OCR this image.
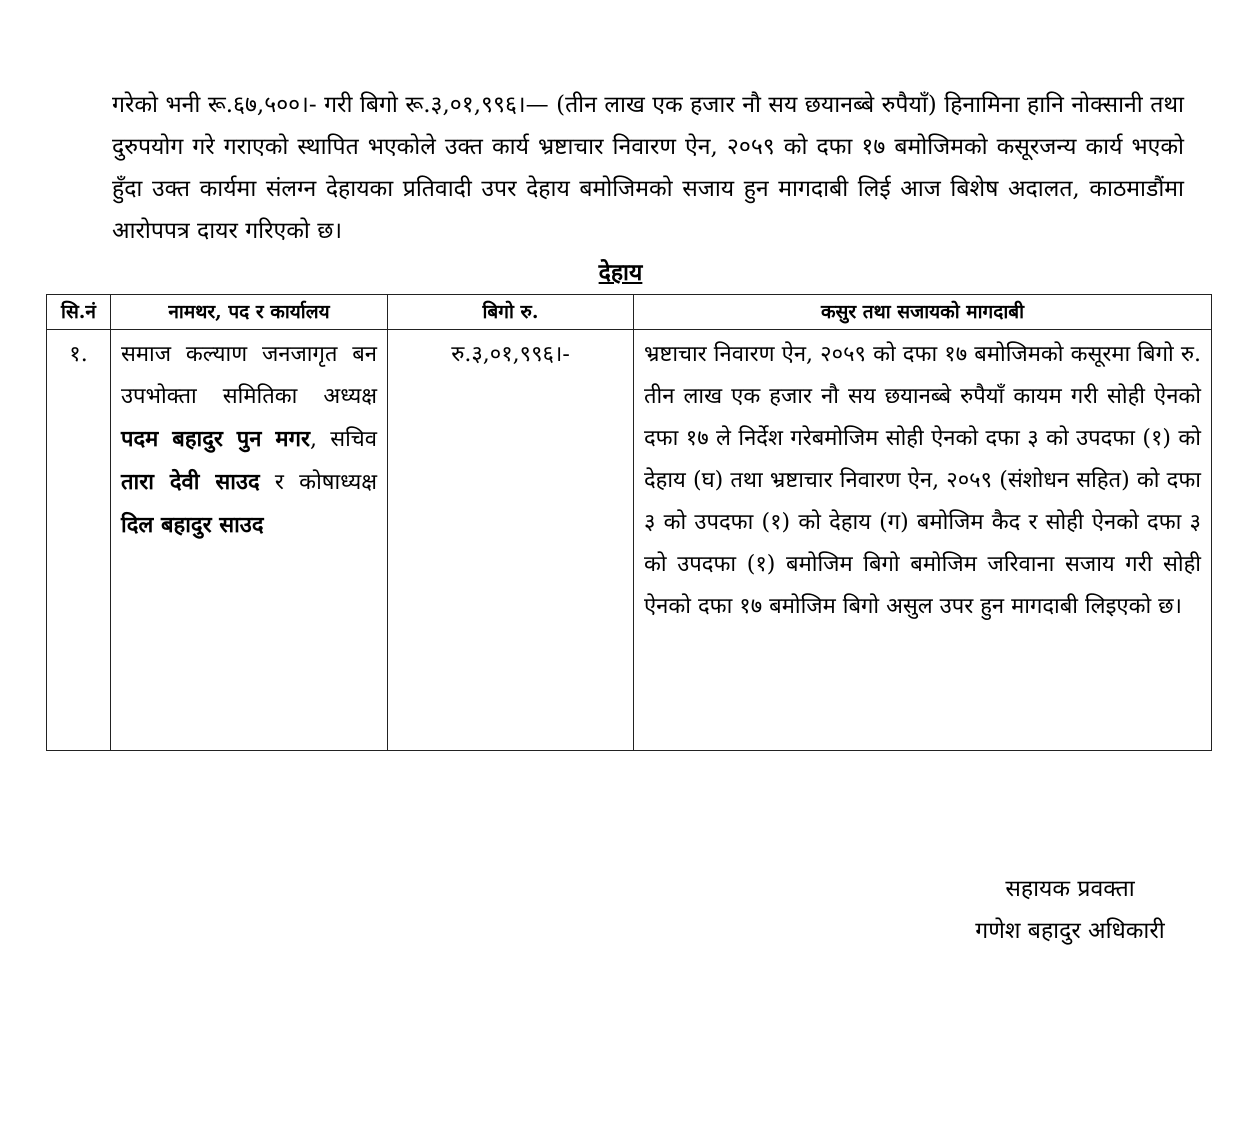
गरेको भनी रू.६७,५००।- गरी बिगो रू.३,०१,९९६।— (तीन लाख एक हजार नौ सय छयानब्बे रुपैयाँ) हिनामिना हानि नोक्सानी तथा दुरुपयोग गरे गराएको स्थापित भएकोले उक्त कार्य भ्रष्टाचार निवारण ऐन, २०५९ को दफा १७ बमोजिमको कसूरजन्य कार्य भएको हुँदा उक्त कार्यमा संलग्न देहायका प्रतिवादी उपर देहाय बमोजिमको सजाय हुन मागदाबी लिई आज बिशेष अदालत, काठमाडौंमा आरोपपत्र दायर गरिएको छ।
देहाय
सि.नं	नामथर, पद र कार्यालय	बिगो रु.	कसुर तथा सजायको मागदाबी
१.	समाज कल्याण जनजागृत बन उपभोक्ता समितिका अध्यक्ष पदम बहादुर पुन मगर, सचिव तारा देवी साउद र कोषाध्यक्ष दिल बहादुर साउद	रु.३,०१,९९६।-	भ्रष्टाचार निवारण ऐन, २०५९ को दफा १७ बमोजिमको कसूरमा बिगो रु. तीन लाख एक हजार नौ सय छयानब्बे रुपैयाँ कायम गरी सोही ऐनको दफा १७ ले निर्देश गरेबमोजिम सोही ऐनको दफा ३ को उपदफा (१) को देहाय (घ) तथा भ्रष्टाचार निवारण ऐन, २०५९ (संशोधन सहित) को दफा ३ को उपदफा (१) को देहाय (ग) बमोजिम कैद र सोही ऐनको दफा ३ को उपदफा (१) बमोजिम बिगो बमोजिम जरिवाना सजाय गरी सोही ऐनको दफा १७ बमोजिम बिगो असुल उपर हुन मागदाबी लिइएको छ।
सहायक प्रवक्ता
गणेश बहादुर अधिकारी
